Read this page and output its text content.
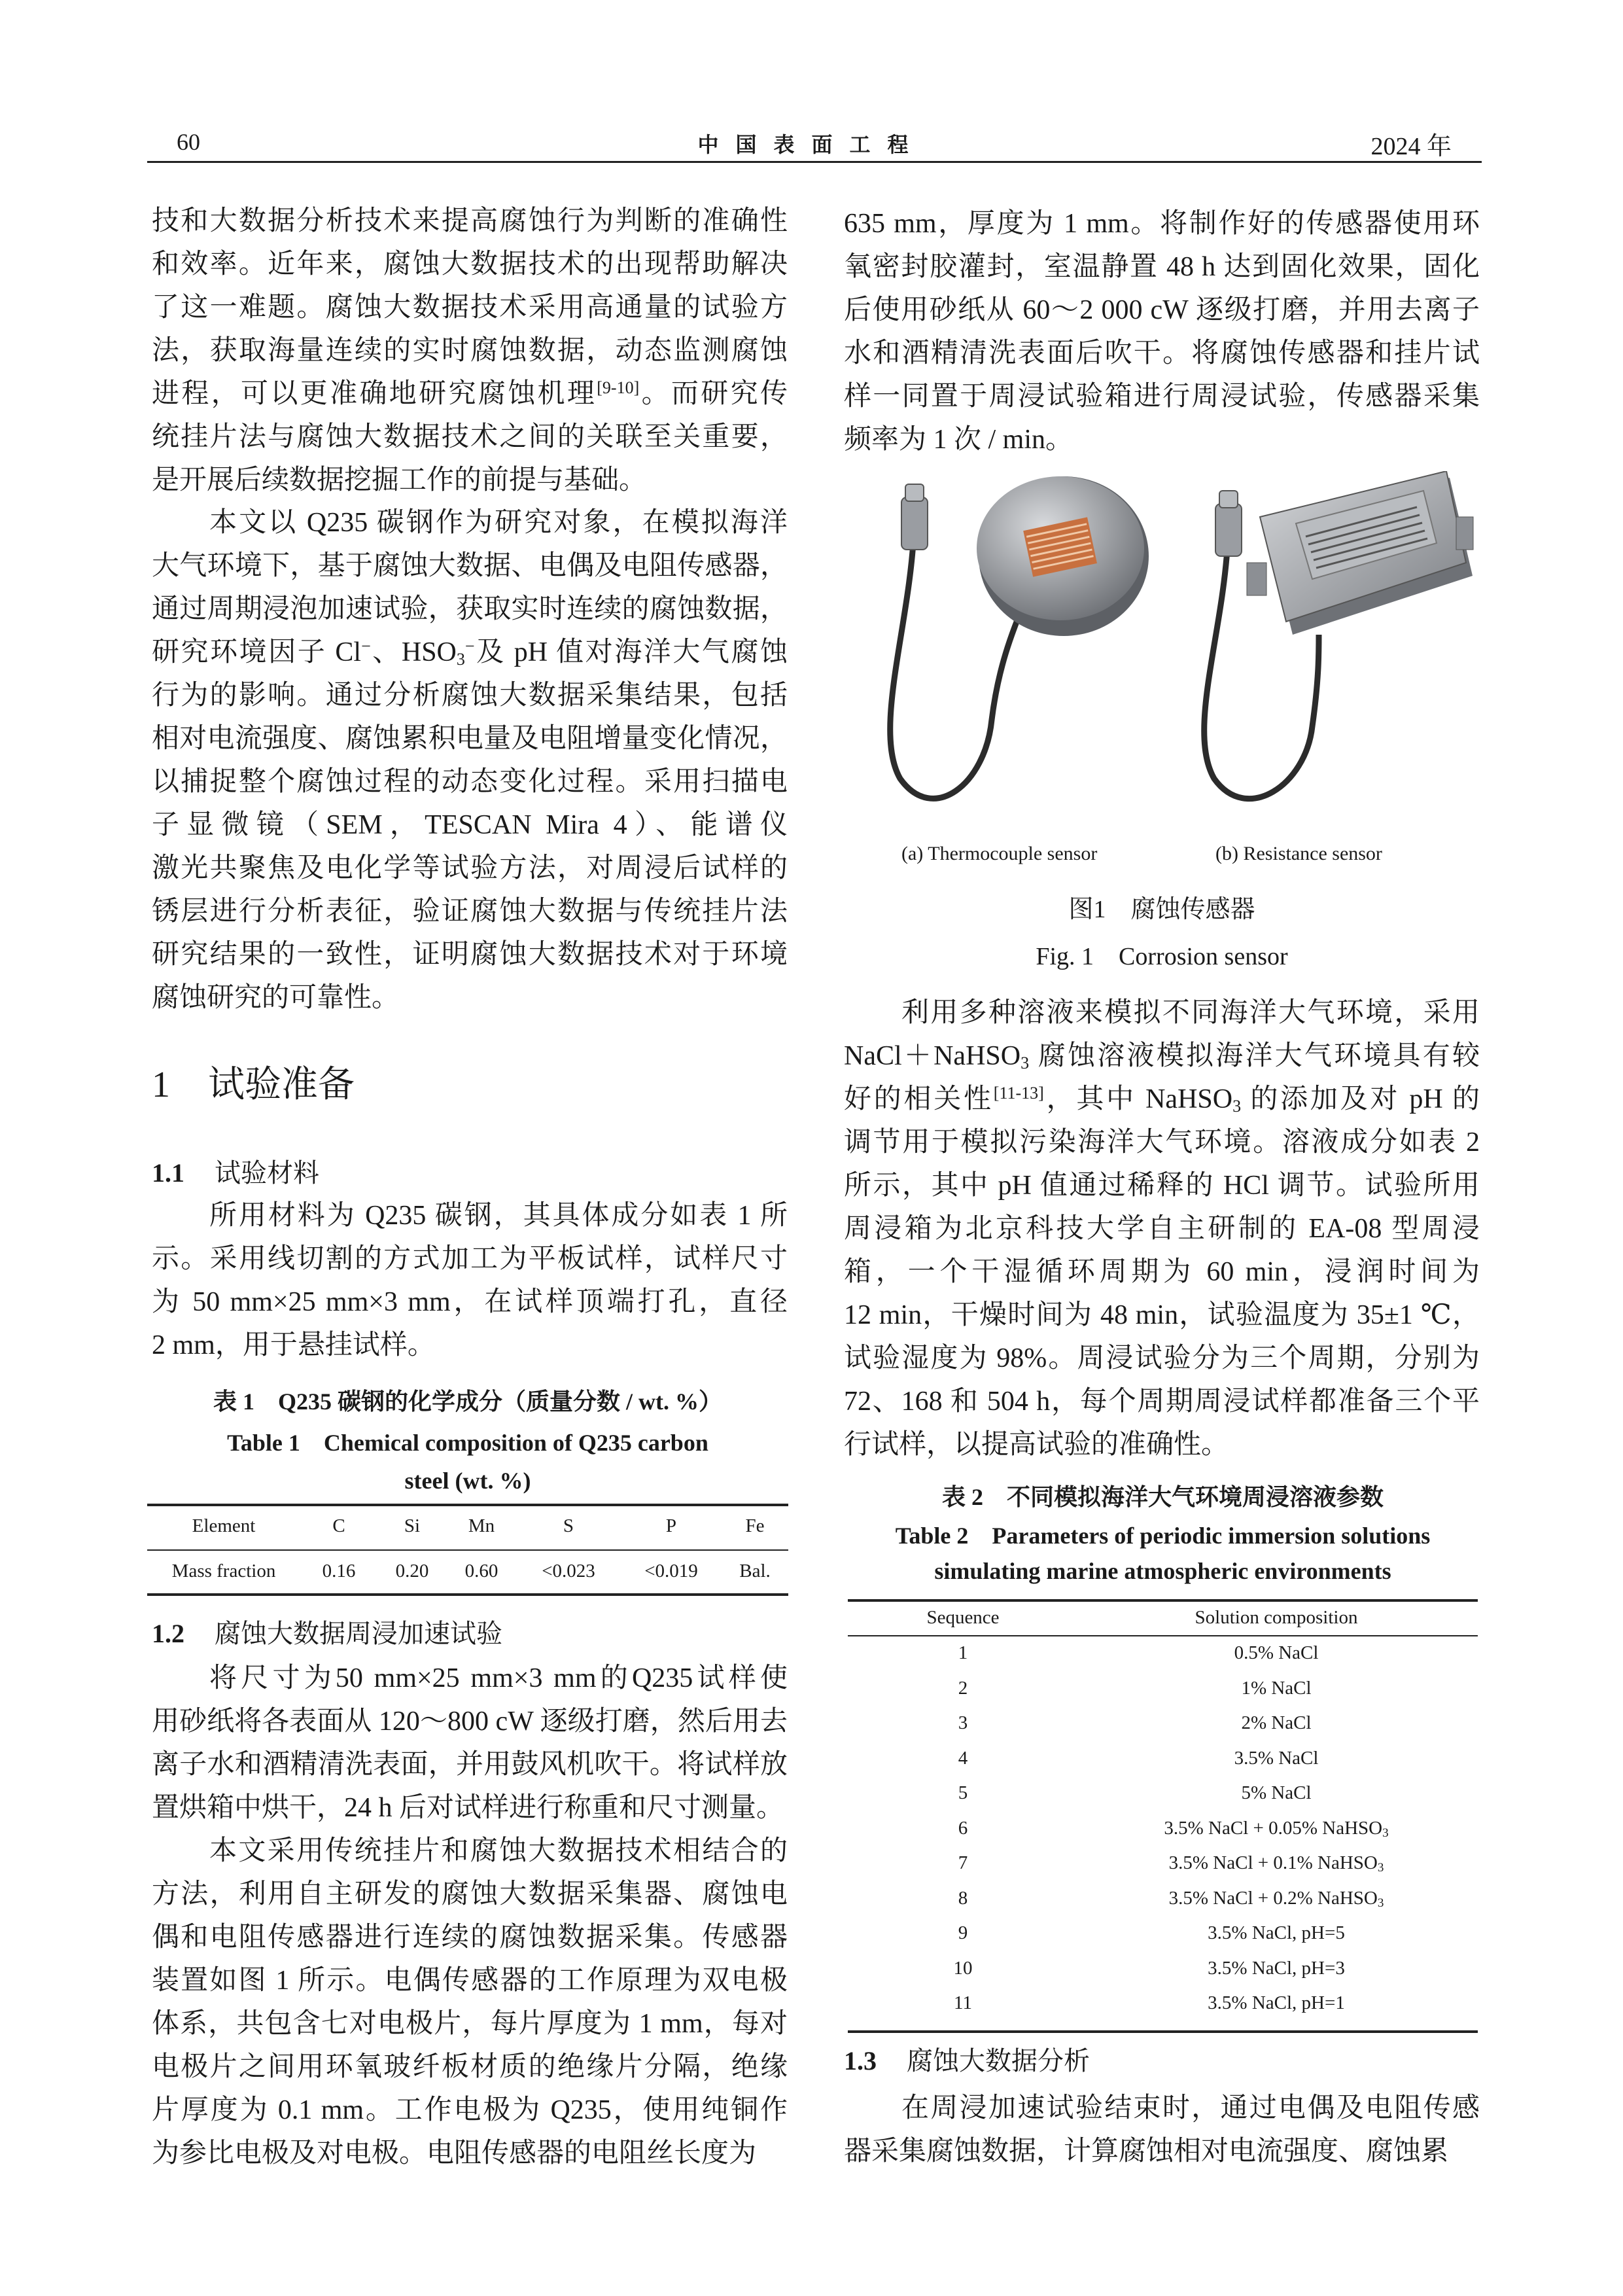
60	中国表面工程	2024 年
技和大数据分析技术来提高腐蚀行为判断的准确性
和效率。近年来，腐蚀大数据技术的出现帮助解决
了这一难题。腐蚀大数据技术采用高通量的试验方
法，获取海量连续的实时腐蚀数据，动态监测腐蚀
进程，可以更准确地研究腐蚀机理[9-10]。而研究传
统挂片法与腐蚀大数据技术之间的关联至关重要，
是开展后续数据挖掘工作的前提与基础。
本文以 Q235 碳钢作为研究对象，在模拟海洋
大气环境下，基于腐蚀大数据、电偶及电阻传感器，
通过周期浸泡加速试验，获取实时连续的腐蚀数据，
研究环境因子 Cl−、$HSO_3^-$及 pH 值对海洋大气腐蚀
行为的影响。通过分析腐蚀大数据采集结果，包括
相对电流强度、腐蚀累积电量及电阻增量变化情况，
以捕捉整个腐蚀过程的动态变化过程。采用扫描电
子显微镜（SEM，TESCAN Mira 4）、能谱仪
激光共聚焦及电化学等试验方法，对周浸后试样的
锈层进行分析表征，验证腐蚀大数据与传统挂片法
研究结果的一致性，证明腐蚀大数据技术对于环境
腐蚀研究的可靠性。
1 试验准备
1.1 试验材料
所用材料为 Q235 碳钢，其具体成分如表 1 所
示。采用线切割的方式加工为平板试样，试样尺寸
为 50 mm×25 mm×3 mm，在试样顶端打孔，直径
2 mm，用于悬挂试样。
表 1　Q235 碳钢的化学成分（质量分数 / wt. %）
Table 1　Chemical composition of Q235 carbon
steel (wt. %)
Element	C	Si	Mn	S	P	Fe
Mass fraction 0.16 0.20 0.60 <0.023	<0.019 Bal.
1.2 腐蚀大数据周浸加速试验
将尺寸为50 mm×25 mm×3 mm的Q235试样使
用砂纸将各表面从 120～800 cW 逐级打磨，然后用去
离子水和酒精清洗表面，并用鼓风机吹干。将试样放
置烘箱中烘干，24 h 后对试样进行称重和尺寸测量。
本文采用传统挂片和腐蚀大数据技术相结合的
方法，利用自主研发的腐蚀大数据采集器、腐蚀电
偶和电阻传感器进行连续的腐蚀数据采集。传感器
装置如图 1 所示。电偶传感器的工作原理为双电极
体系，共包含七对电极片，每片厚度为 1 mm，每对
电极片之间用环氧玻纤板材质的绝缘片分隔，绝缘
片厚度为 0.1 mm。工作电极为 Q235，使用纯铜作
为参比电极及对电极。电阻传感器的电阻丝长度为
635 mm，厚度为 1 mm。将制作好的传感器使用环
氧密封胶灌封，室温静置 48 h 达到固化效果，固化
后使用砂纸从 60～2 000 cW 逐级打磨，并用去离子
水和酒精清洗表面后吹干。将腐蚀传感器和挂片试
样一同置于周浸试验箱进行周浸试验，传感器采集
频率为 1 次 / min。
(a) Thermocouple sensor	(b) Resistance sensor
图1　腐蚀传感器
Fig. 1　Corrosion sensor
利用多种溶液来模拟不同海洋大气环境，采用
NaCl＋NaHSO$_3$ 腐蚀溶液模拟海洋大气环境具有较
好的相关性[11-13]，其中 NaHSO$_3$ 的添加及对 pH 的
调节用于模拟污染海洋大气环境。溶液成分如表 2
所示，其中 pH 值通过稀释的 HCl 调节。试验所用
周浸箱为北京科技大学自主研制的 EA-08 型周浸
箱，一个干湿循环周期为 60 min，浸润时间为
12 min，干燥时间为 48 min，试验温度为 35±1 ℃，
试验湿度为 98%。周浸试验分为三个周期，分别为
72、168 和 504 h，每个周期周浸试样都准备三个平
行试样，以提高试验的准确性。
表 2　不同模拟海洋大气环境周浸溶液参数
Table 2　Parameters of periodic immersion solutions
simulating marine atmospheric environments
Sequence	Solution composition
1	0.5% NaCl
2	1% NaCl
3	2% NaCl
4	3.5% NaCl
5	5% NaCl
6	3.5% NaCl + 0.05% NaHSO$_3$
7	3.5% NaCl + 0.1% NaHSO$_3$
8	3.5% NaCl + 0.2% NaHSO$_3$
9	3.5% NaCl, pH=5
10	3.5% NaCl, pH=3
11	3.5% NaCl, pH=1
1.3 腐蚀大数据分析
在周浸加速试验结束时，通过电偶及电阻传感
器采集腐蚀数据，计算腐蚀相对电流强度、腐蚀累
